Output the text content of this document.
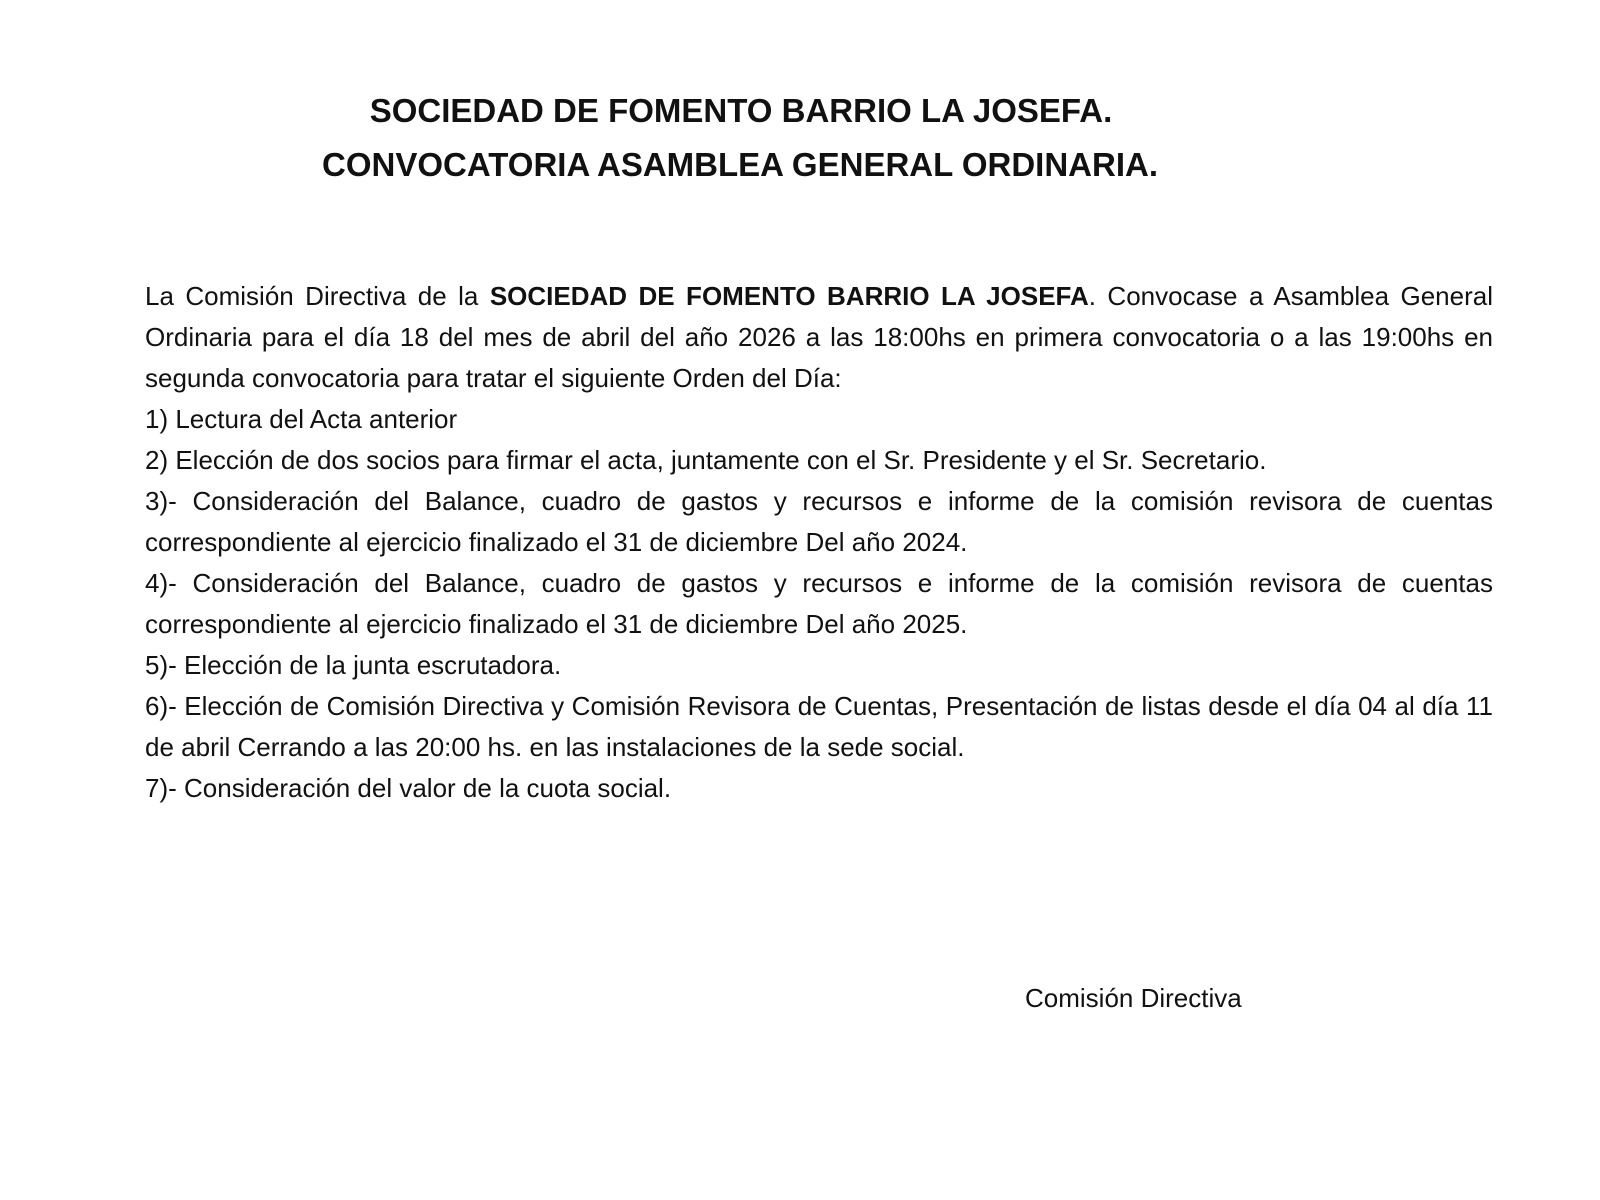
SOCIEDAD DE FOMENTO BARRIO LA JOSEFA.
CONVOCATORIA ASAMBLEA GENERAL ORDINARIA.
La Comisión Directiva de la SOCIEDAD DE FOMENTO BARRIO LA JOSEFA. Convocase a Asamblea General Ordinaria para el día 18 del mes de abril del año 2026 a las 18:00hs en primera convocatoria o a las 19:00hs en segunda convocatoria para tratar el siguiente Orden del Día:
1) Lectura del Acta anterior
2) Elección de dos socios para firmar el acta, juntamente con el Sr. Presidente y el Sr. Secretario.
3)- Consideración del Balance, cuadro de gastos y recursos e informe de la comisión revisora de cuentas correspondiente al ejercicio finalizado el 31 de diciembre Del año 2024.
4)- Consideración del Balance, cuadro de gastos y recursos e informe de la comisión revisora de cuentas correspondiente al ejercicio finalizado el 31 de diciembre Del año 2025.
5)- Elección de la junta escrutadora.
6)- Elección de Comisión Directiva y Comisión Revisora de Cuentas, Presentación de listas desde el día 04 al día 11 de abril Cerrando a las 20:00 hs. en las instalaciones de la sede social.
7)- Consideración del valor de la cuota social.
Comisión Directiva
